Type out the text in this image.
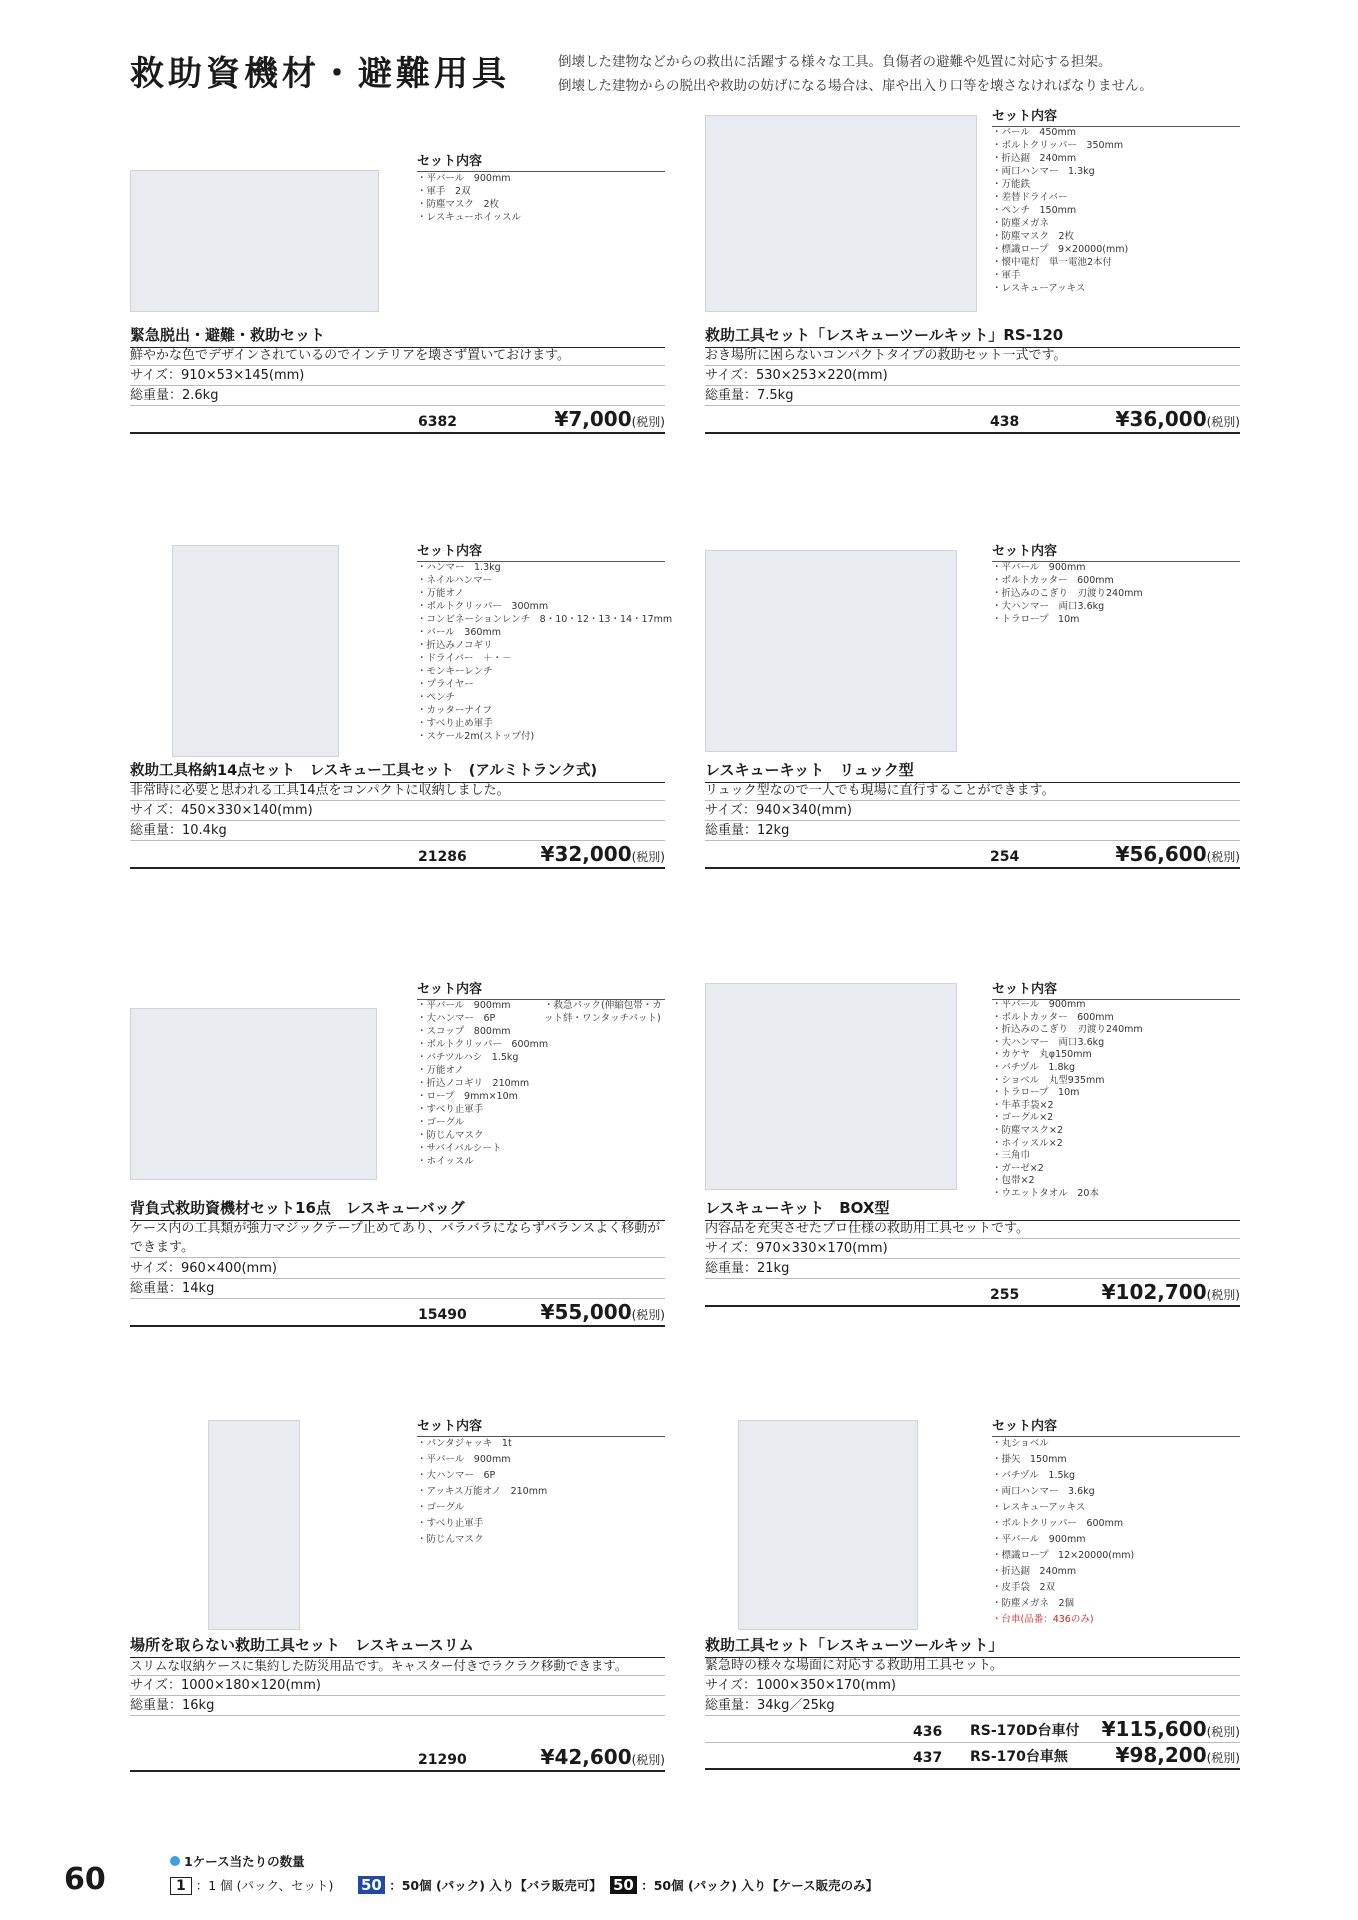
救助資機材・避難用具	倒壊した建物などからの救出に活躍する様々な工具。負傷者の避難や処置に対応する担架。
倒壊した建物からの脱出や救助の妨げになる場合は、扉や出入り口等を壊さなければなりません。
セット内容
・平バール　900mm
・軍手　2双
・防塵マスク　2枚
・レスキューホイッスル
緊急脱出・避難・救助セット
鮮やかな色でデザインされているのでインテリアを壊さず置いておけます。
サイズ：910×53×145(mm)
総重量：2.6kg
6382	¥7,000(税別)
セット内容
・バール　450mm
・ボルトクリッパー　350mm
・折込鋸　240mm
・両口ハンマー　1.3kg
・万能鉄
・差替ドライバー
・ペンチ　150mm
・防塵メガネ
・防塵マスク　2枚
・標識ロープ　9×20000(mm)
・懐中電灯　単一電池2本付
・軍手
・レスキューアッキス
救助工具セット「レスキューツールキット」RS-120
おき場所に困らないコンパクトタイプの救助セット一式です。
サイズ：530×253×220(mm)
総重量：7.5kg
438	¥36,000(税別)
セット内容
・ハンマー　1.3kg
・ネイルハンマー
・万能オノ
・ボルトクリッパー　300mm
・コンビネーションレンチ　8・10・12・13・14・17mm
・バール　360mm
・折込みノコギリ
・ドライバー　＋・－
・モンキーレンチ
・プライヤー
・ペンチ
・カッターナイフ
・すべり止め軍手
・スケール2m(ストップ付)
救助工具格納14点セット　レスキュー工具セット　(アルミトランク式)
非常時に必要と思われる工具14点をコンパクトに収納しました。
サイズ：450×330×140(mm)
総重量：10.4kg
21286	¥32,000(税別)
セット内容
・平バール　900mm
・ボルトカッター　600mm
・折込みのこぎり　刃渡り240mm
・大ハンマー　両口3.6kg
・トラロープ　10m
レスキューキット　リュック型
リュック型なので一人でも現場に直行することができます。
サイズ：940×340(mm)
総重量：12kg
254	¥56,600(税別)
セット内容
・平バール　900mm
・大ハンマー　6P
・スコップ　800mm
・ボルトクリッパー　600mm
・バチツルハシ　1.5kg
・万能オノ
・折込ノコギリ　210mm
・ロープ　9mm×10m
・すべり止軍手
・ゴーグル
・防じんマスク
・サバイバルシート
・ホイッスル
・救急パック(伸縮包帯・カット絆・ワンタッチパット)
背負式救助資機材セット16点　レスキューバッグ
ケース内の工具類が強力マジックテープ止めてあり、バラバラにならずバランスよく移動ができます。
サイズ：960×400(mm)
総重量：14kg
15490	¥55,000(税別)
セット内容
・平バール　900mm
・ボルトカッター　600mm
・折込みのこぎり　刃渡り240mm
・大ハンマー　両口3.6kg
・カケヤ　丸φ150mm
・バチヅル　1.8kg
・ショベル　丸型935mm
・トラロープ　10m
・牛革手袋×2
・ゴーグル×2
・防塵マスク×2
・ホイッスル×2
・三角巾
・ガーゼ×2
・包帯×2
・ウエットタオル　20本
レスキューキット　BOX型
内容品を充実させたプロ仕様の救助用工具セットです。
サイズ：970×330×170(mm)
総重量：21kg
255	¥102,700(税別)
セット内容
・パンタジャッキ　1t
・平バール　900mm
・大ハンマー　6P
・アッキス万能オノ　210mm
・ゴーグル
・すべり止軍手
・防じんマスク
場所を取らない救助工具セット　レスキュースリム
スリムな収納ケースに集約した防災用品です。キャスター付きでラクラク移動できます。
サイズ：1000×180×120(mm)
総重量：16kg
21290	¥42,600(税別)
セット内容
・丸ショベル
・掛矢　150mm
・バチヅル　1.5kg
・両口ハンマー　3.6kg
・レスキューアッキス
・ボルトクリッパー　600mm
・平バール　900mm
・標識ロープ　12×20000(mm)
・折込鋸　240mm
・皮手袋　2双
・防塵メガネ　2個
・台車(品番：436のみ)
救助工具セット「レスキューツールキット」
緊急時の様々な場面に対応する救助用工具セット。
サイズ：1000×350×170(mm)
総重量：34kg／25kg
436 RS-170D台車付 ¥115,600(税別)
437 RS-170台車無 ¥98,200(税別)
60
1ケース当たりの数量
1 ：1 個 (パック、セット) 50 ：50個 (パック) 入り【バラ販売可】 50 ：50個 (パック) 入り【ケース販売のみ】
